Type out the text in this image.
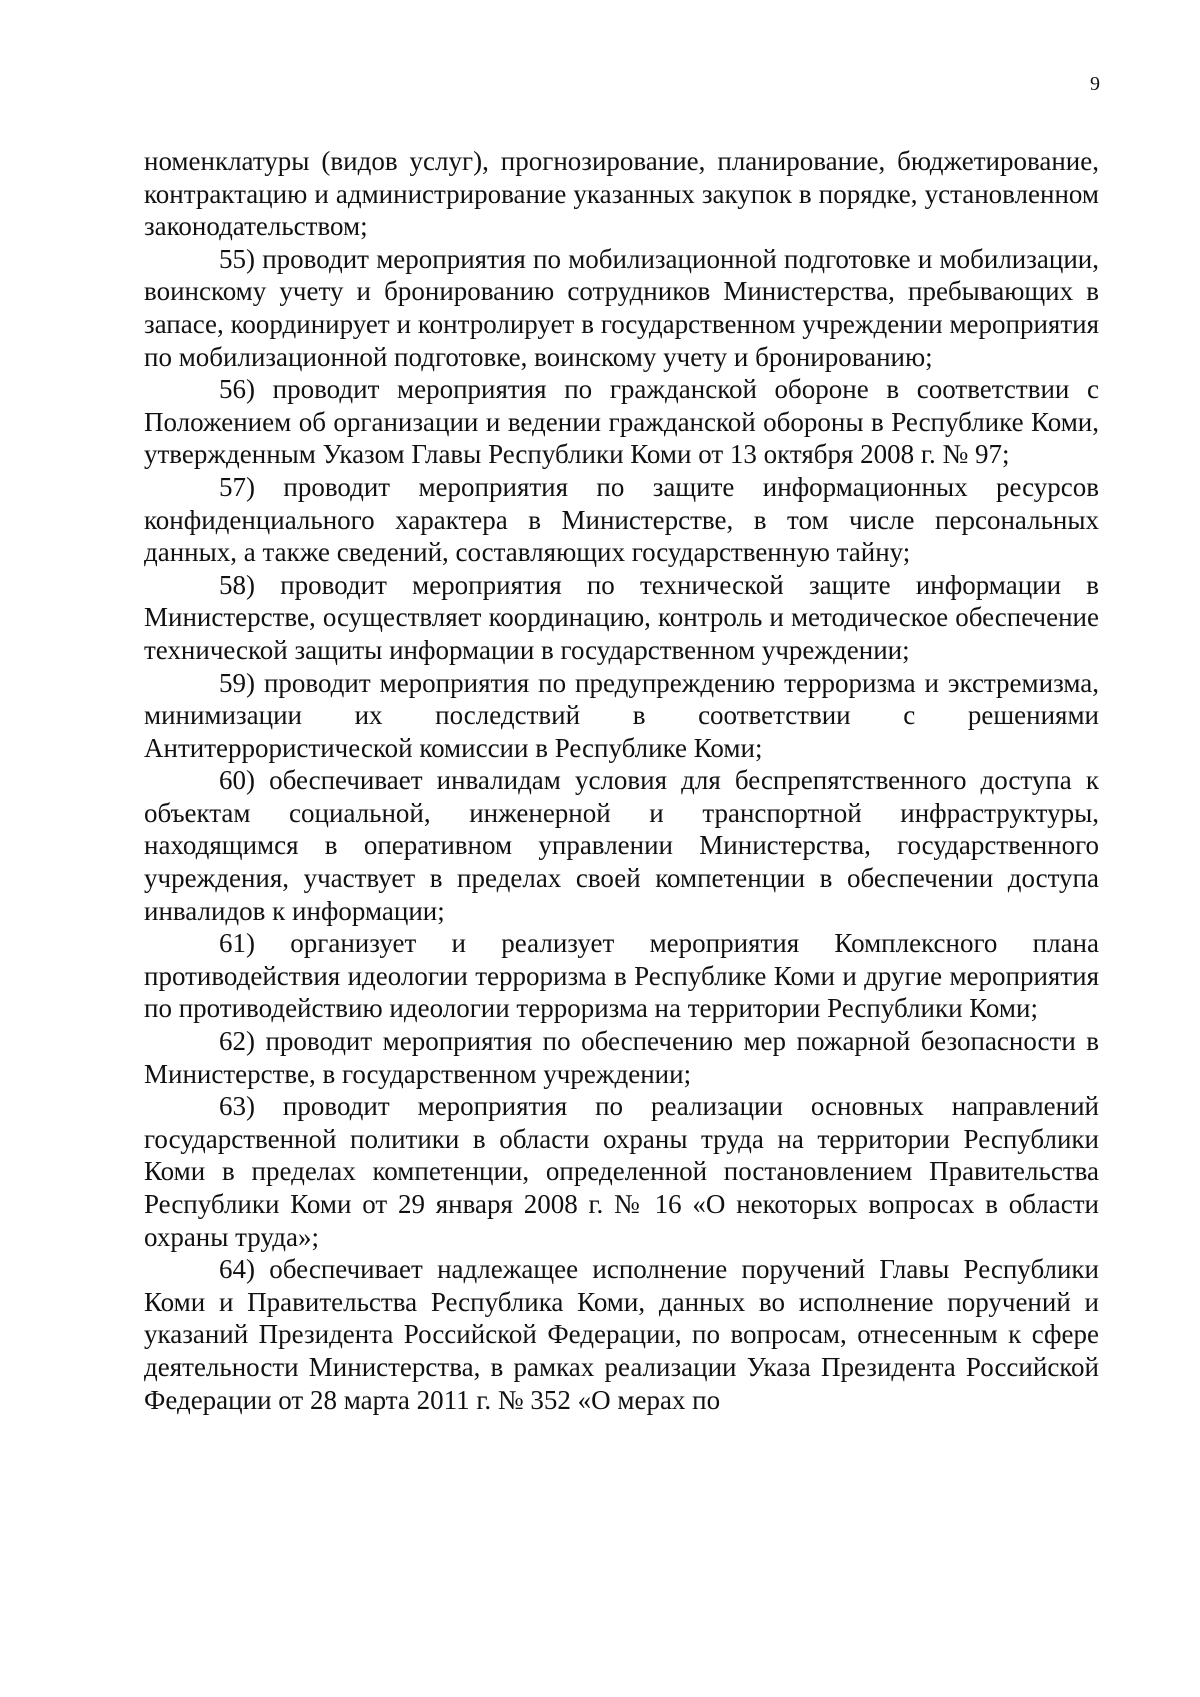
9

номенклатуры (видов услуг), прогнозирование, планирование, бюджетирование, контрактацию и администрирование указанных закупок в порядке, установленном законодательством;

55) проводит мероприятия по мобилизационной подготовке и мобилизации, воинскому учету и бронированию сотрудников Министерства, пребывающих в запасе, координирует и контролирует в государственном учреждении мероприятия по мобилизационной подготовке, воинскому учету и бронированию;

56) проводит мероприятия по гражданской обороне в соответствии с Положением об организации и ведении гражданской обороны в Республике Коми, утвержденным Указом Главы Республики Коми от 13 октября 2008 г. № 97;

57) проводит мероприятия по защите информационных ресурсов конфиденциального характера в Министерстве, в том числе персональных данных, а также сведений, составляющих государственную тайну;

58) проводит мероприятия по технической защите информации в Министерстве, осуществляет координацию, контроль и методическое обеспечение технической защиты информации в государственном учреждении;

59) проводит мероприятия по предупреждению терроризма и экстремизма, минимизации их последствий в соответствии с решениями Антитеррористической комиссии в Республике Коми;

60) обеспечивает инвалидам условия для беспрепятственного доступа к объектам социальной, инженерной и транспортной инфраструктуры, находящимся в оперативном управлении Министерства, государственного учреждения, участвует в пределах своей компетенции в обеспечении доступа инвалидов к информации;

61) организует и реализует мероприятия Комплексного плана противодействия идеологии терроризма в Республике Коми и другие мероприятия по противодействию идеологии терроризма на территории Республики Коми;

62) проводит мероприятия по обеспечению мер пожарной безопасности в Министерстве, в государственном учреждении;

63) проводит мероприятия по реализации основных направлений государственной политики в области охраны труда на территории Республики Коми в пределах компетенции, определенной постановлением Правительства Республики Коми от 29 января 2008 г. № 16 «О некоторых вопросах в области охраны труда»;

64) обеспечивает надлежащее исполнение поручений Главы Республики Коми и Правительства Республика Коми, данных во исполнение поручений и указаний Президента Российской Федерации, по вопросам, отнесенным к сфере деятельности Министерства, в рамках реализации Указа Президента Российской Федерации от 28 марта 2011 г. № 352 «О мерах по
